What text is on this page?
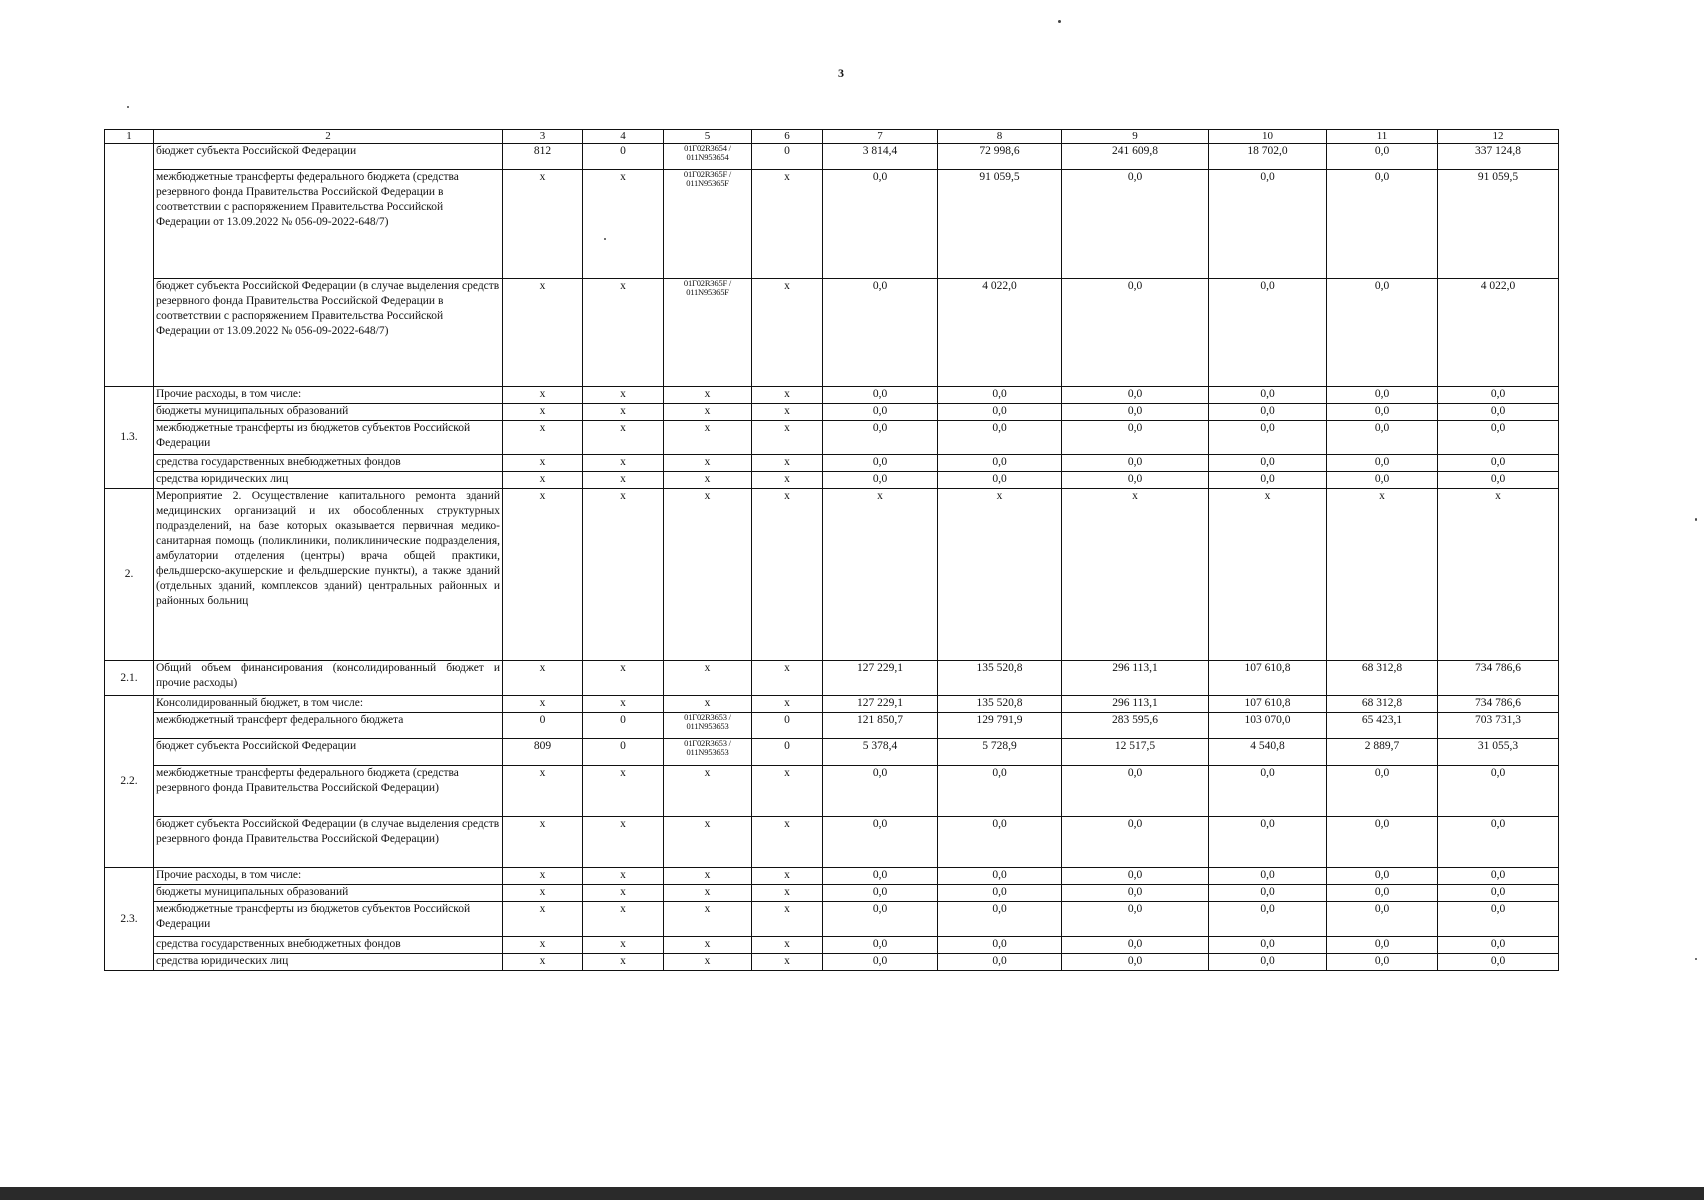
3
1	2	3	4	5	6	7	8	9	10	11	12
	бюджет субъекта Российской Федерации	812	0	01Г02R3654 / 011N953654	0	3 814,4	72 998,6	241 609,8	18 702,0	0,0	337 124,8
	межбюджетные трансферты федерального бюджета (средства резервного фонда Правительства Российской Федерации в соответствии с распоряжением Правительства Российской Федерации от 13.09.2022 № 056-09-2022-648/7)	x	x	01Г02R365F / 011N95365F	x	0,0	91 059,5	0,0	0,0	0,0	91 059,5
	бюджет субъекта Российской Федерации (в случае выделения средств резервного фонда Правительства Российской Федерации в соответствии с распоряжением Правительства Российской Федерации от 13.09.2022 № 056-09-2022-648/7)	x	x	01Г02R365F / 011N95365F	x	0,0	4 022,0	0,0	0,0	0,0	4 022,0
1.3.	Прочие расходы, в том числе:	x	x	x	x	0,0	0,0	0,0	0,0	0,0	0,0
	бюджеты муниципальных образований	x	x	x	x	0,0	0,0	0,0	0,0	0,0	0,0
	межбюджетные трансферты из бюджетов субъектов Российской Федерации	x	x	x	x	0,0	0,0	0,0	0,0	0,0	0,0
	средства государственных внебюджетных фондов	x	x	x	x	0,0	0,0	0,0	0,0	0,0	0,0
	средства юридических лиц	x	x	x	x	0,0	0,0	0,0	0,0	0,0	0,0
2.	Мероприятие 2. Осуществление капитального ремонта зданий медицинских организаций и их обособленных структурных подразделений, на базе которых оказывается первичная медико-санитарная помощь (поликлиники, поликлинические подразделения, амбулатории отделения (центры) врача общей практики, фельдшерско-акушерские и фельдшерские пункты), а также зданий (отдельных зданий, комплексов зданий) центральных районных и районных больниц	x	x	x	x	x	x	x	x	x	x
2.1.	Общий объем финансирования (консолидированный бюджет и прочие расходы)	x	x	x	x	127 229,1	135 520,8	296 113,1	107 610,8	68 312,8	734 786,6
2.2.	Консолидированный бюджет, в том числе:	x	x	x	x	127 229,1	135 520,8	296 113,1	107 610,8	68 312,8	734 786,6
	межбюджетный трансферт федерального бюджета	0	0	01Г02R3653 / 011N953653	0	121 850,7	129 791,9	283 595,6	103 070,0	65 423,1	703 731,3
	бюджет субъекта Российской Федерации	809	0	01Г02R3653 / 011N953653	0	5 378,4	5 728,9	12 517,5	4 540,8	2 889,7	31 055,3
	межбюджетные трансферты федерального бюджета (средства резервного фонда Правительства Российской Федерации)	x	x	x	x	0,0	0,0	0,0	0,0	0,0	0,0
	бюджет субъекта Российской Федерации (в случае выделения средств резервного фонда Правительства Российской Федерации)	x	x	x	x	0,0	0,0	0,0	0,0	0,0	0,0
2.3.	Прочие расходы, в том числе:	x	x	x	x	0,0	0,0	0,0	0,0	0,0	0,0
	бюджеты муниципальных образований	x	x	x	x	0,0	0,0	0,0	0,0	0,0	0,0
	межбюджетные трансферты из бюджетов субъектов Российской Федерации	x	x	x	x	0,0	0,0	0,0	0,0	0,0	0,0
	средства государственных внебюджетных фондов	x	x	x	x	0,0	0,0	0,0	0,0	0,0	0,0
	средства юридических лиц	x	x	x	x	0,0	0,0	0,0	0,0	0,0	0,0
